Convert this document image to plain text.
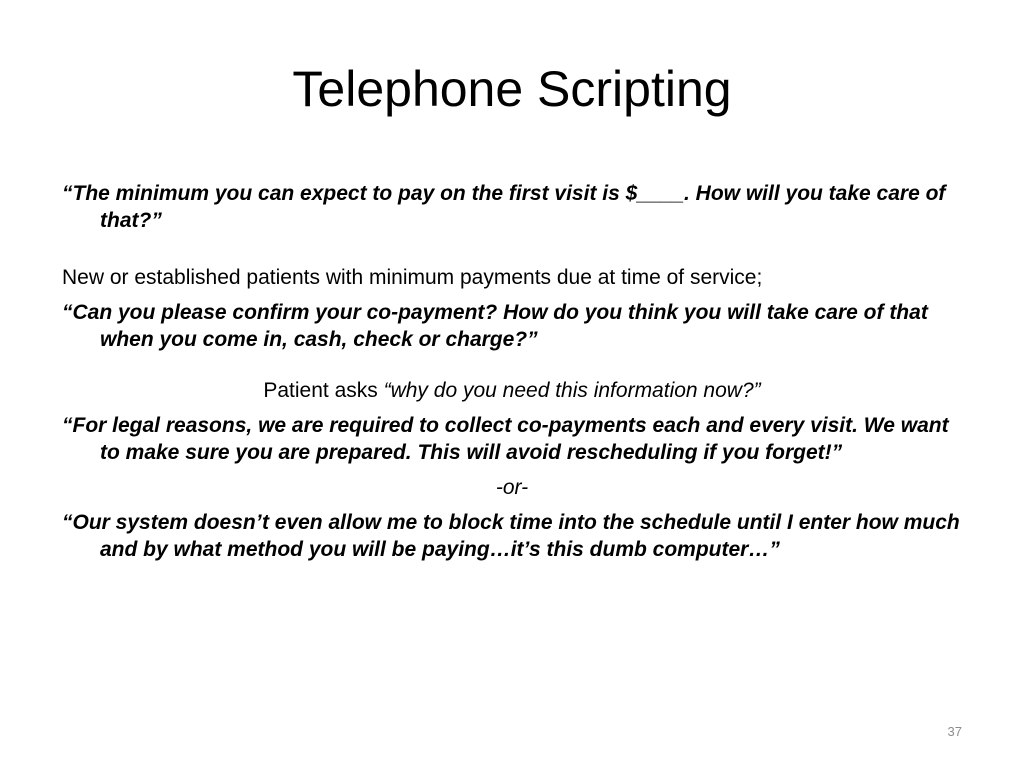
Telephone Scripting

“The minimum you can expect to pay on the first visit is $____. How will you take care of that?”

New or established patients with minimum payments due at time of service;

“Can you please confirm your co-payment? How do you think you will take care of that when you come in, cash, check or charge?”

Patient asks “why do you need this information now?”

“For legal reasons, we are required to collect co-payments each and every visit. We want to make sure you are prepared. This will avoid rescheduling if you forget!”

-or-

“Our system doesn’t even allow me to block time into the schedule until I enter how much and by what method you will be paying…it’s this dumb computer…”

37
